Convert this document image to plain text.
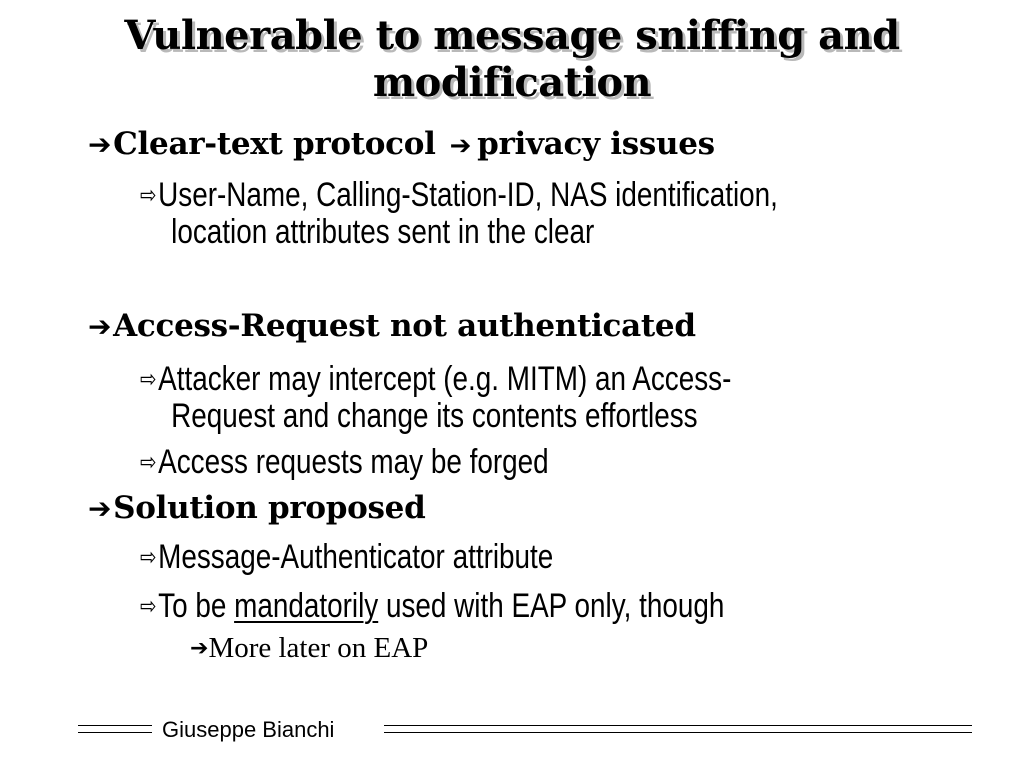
Vulnerable to message sniffing and modification
➔Clear-text protocol ➔ privacy issues
⇨User-Name, Calling-Station-ID, NAS identification,
location attributes sent in the clear
➔Access-Request not authenticated
⇨Attacker may intercept (e.g. MITM) an Access-
Request and change its contents effortless
⇨Access requests may be forged
➔Solution proposed
⇨Message-Authenticator attribute
⇨To be mandatorily used with EAP only, though
➔More later on EAP
Giuseppe Bianchi
